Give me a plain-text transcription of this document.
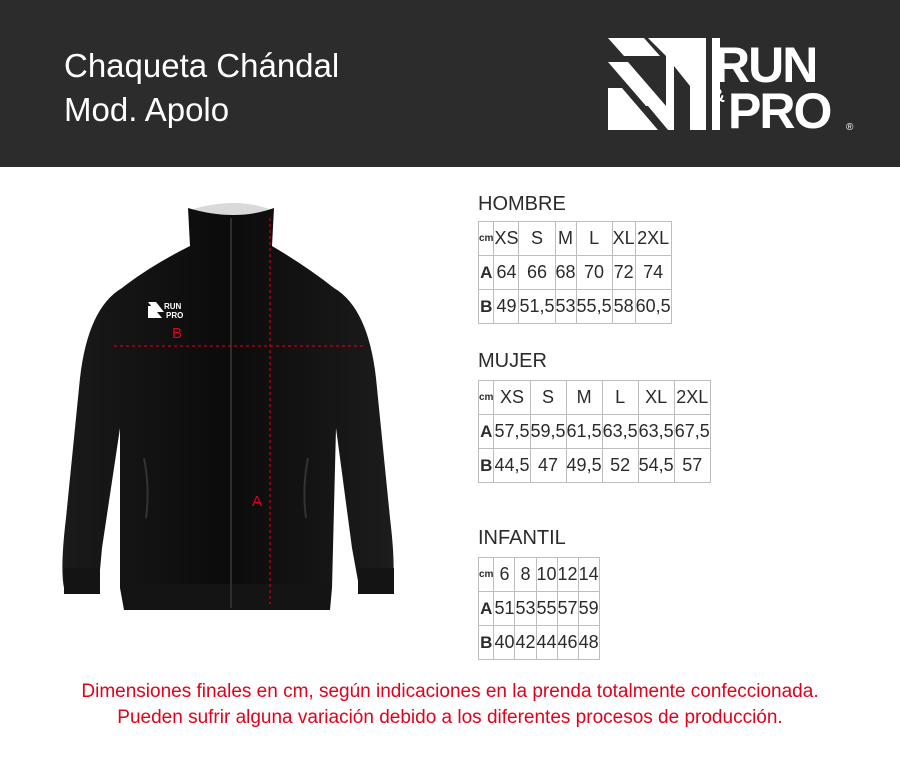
Chaqueta Chándal
Mod. Apolo
RUN
& PRO ®
RUN
PRO
B
A
HOMBRE
cm	XS	S	M	L	XL	2XL
A	64	66	68	70	72	74
B	49	51,5	53	55,5	58	60,5
MUJER
cm	XS	S	M	L	XL	2XL
A	57,5	59,5	61,5	63,5	63,5	67,5
B	44,5	47	49,5	52	54,5	57
INFANTIL
cm	6	8	10	12	14
A	51	53	55	57	59
B	40	42	44	46	48
Dimensiones finales en cm, según indicaciones en la prenda totalmente confeccionada.
Pueden sufrir alguna variación debido a los diferentes procesos de producción.
